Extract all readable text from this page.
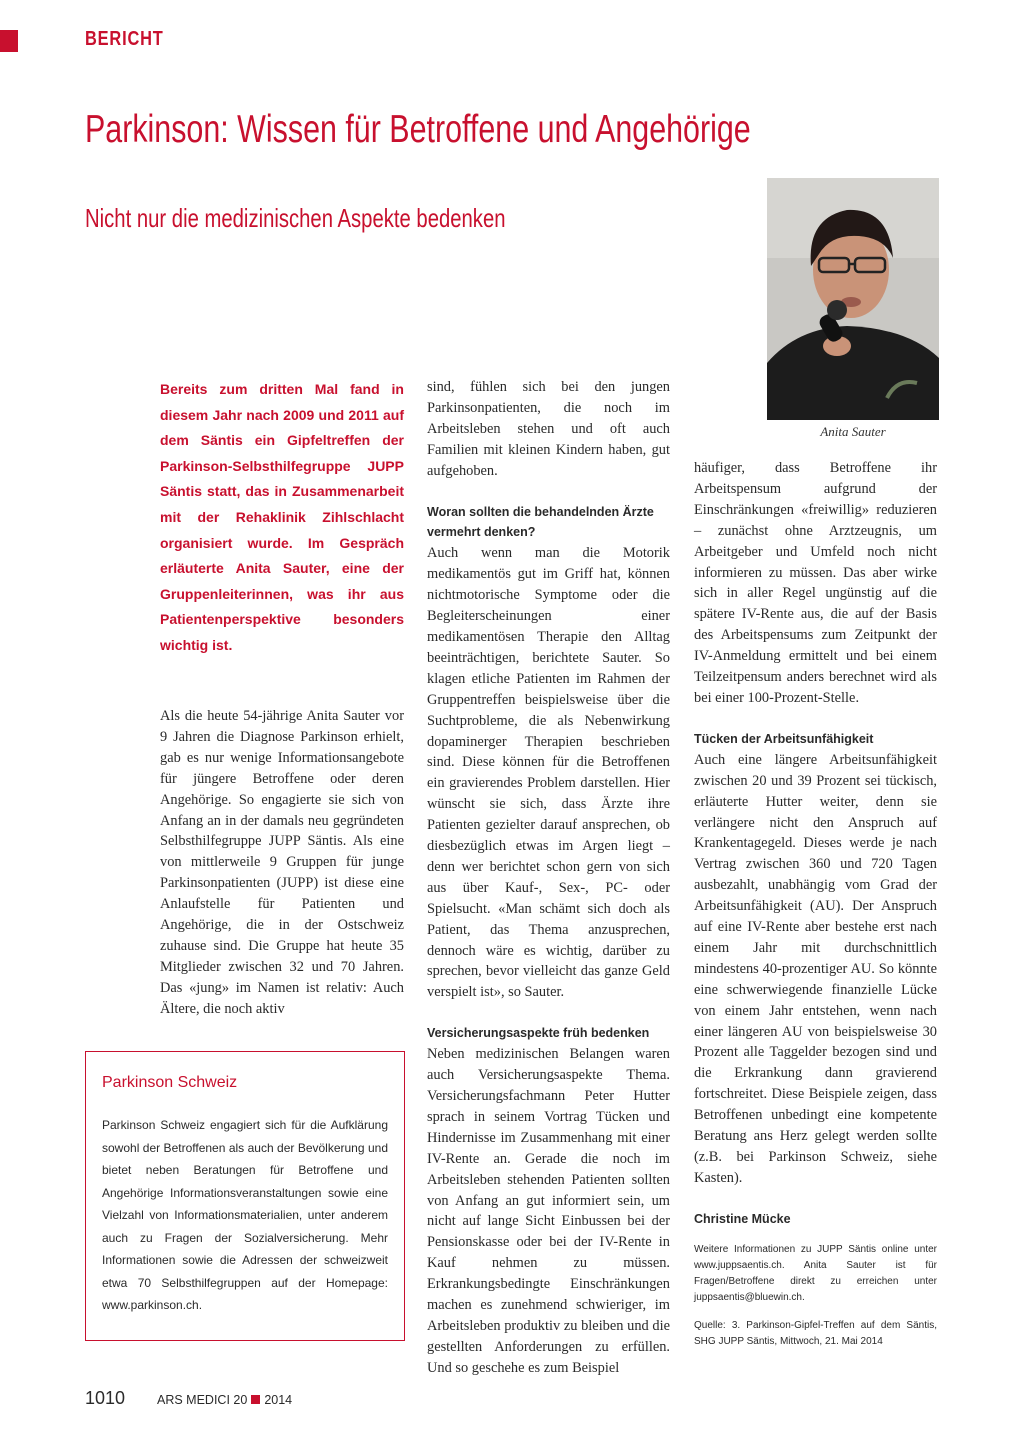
BERICHT
Parkinson: Wissen für Betroffene und Angehörige
Nicht nur die medizinischen Aspekte bedenken
Anita Sauter
Bereits zum dritten Mal fand in diesem Jahr nach 2009 und 2011 auf dem Säntis ein Gipfeltreffen der Parkinson-Selbsthilfegruppe JUPP Säntis statt, das in Zusammenarbeit mit der Rehaklinik Zihlschlacht organisiert wurde. Im Gespräch erläuterte Anita Sauter, eine der Gruppenleiterinnen, was ihr aus Patientenperspektive besonders wichtig ist.

Als die heute 54-jährige Anita Sauter vor 9 Jahren die Diagnose Parkinson erhielt, gab es nur wenige Informationsangebote für jüngere Betroffene oder deren Angehörige. So engagierte sie sich von Anfang an in der damals neu gegründeten Selbsthilfegruppe JUPP Säntis. Als eine von mittlerweile 9 Gruppen für junge Parkinsonpatienten (JUPP) ist diese eine Anlaufstelle für Patienten und Angehörige, die in der Ostschweiz zuhause sind. Die Gruppe hat heute 35 Mitglieder zwischen 32 und 70 Jahren. Das «jung» im Namen ist relativ: Auch Ältere, die noch aktiv

Parkinson Schweiz
Parkinson Schweiz engagiert sich für die Aufklärung sowohl der Betroffenen als auch der Bevölkerung und bietet neben Beratungen für Betroffene und Angehörige Informationsveranstaltungen sowie eine Vielzahl von Informationsmaterialien, unter anderem auch zu Fragen der Sozialversicherung. Mehr Informationen sowie die Adressen der schweizweit etwa 70 Selbsthilfegruppen auf der Homepage: www.parkinson.ch.

sind, fühlen sich bei den jungen Parkinsonpatienten, die noch im Arbeitsleben stehen und oft auch Familien mit kleinen Kindern haben, gut aufgehoben.

Woran sollten die behandelnden Ärzte vermehrt denken?

Auch wenn man die Motorik medikamentös gut im Griff hat, können nichtmotorische Symptome oder die Begleiterscheinungen einer medikamentösen Therapie den Alltag beeinträchtigen, berichtete Sauter. So klagen etliche Patienten im Rahmen der Gruppentreffen beispielsweise über die Suchtprobleme, die als Nebenwirkung dopaminerger Therapien beschrieben sind. Diese können für die Betroffenen ein gravierendes Problem darstellen. Hier wünscht sie sich, dass Ärzte ihre Patienten gezielter darauf ansprechen, ob diesbezüglich etwas im Argen liegt – denn wer berichtet schon gern von sich aus über Kauf-, Sex-, PC- oder Spielsucht. «Man schämt sich doch als Patient, das Thema anzusprechen, dennoch wäre es wichtig, darüber zu sprechen, bevor vielleicht das ganze Geld verspielt ist», so Sauter.

Versicherungsaspekte früh bedenken

Neben medizinischen Belangen waren auch Versicherungsaspekte Thema. Versicherungsfachmann Peter Hutter sprach in seinem Vortrag Tücken und Hindernisse im Zusammenhang mit einer IV-Rente an. Gerade die noch im Arbeitsleben stehenden Patienten sollten von Anfang an gut informiert sein, um nicht auf lange Sicht Einbussen bei der Pensionskasse oder bei der IV-Rente in Kauf nehmen zu müssen. Erkrankungsbedingte Einschränkungen machen es zunehmend schwieriger, im Arbeitsleben produktiv zu bleiben und die gestellten Anforderungen zu erfüllen. Und so geschehe es zum Beispiel

häufiger, dass Betroffene ihr Arbeitspensum aufgrund der Einschränkungen «freiwillig» reduzieren – zunächst ohne Arztzeugnis, um Arbeitgeber und Umfeld noch nicht informieren zu müssen. Das aber wirke sich in aller Regel ungünstig auf die spätere IV-Rente aus, die auf der Basis des Arbeitspensums zum Zeitpunkt der IV-Anmeldung ermittelt und bei einem Teilzeitpensum anders berechnet wird als bei einer 100-Prozent-Stelle.

Tücken der Arbeitsunfähigkeit

Auch eine längere Arbeitsunfähigkeit zwischen 20 und 39 Prozent sei tückisch, erläuterte Hutter weiter, denn sie verlängere nicht den Anspruch auf Krankentagegeld. Dieses werde je nach Vertrag zwischen 360 und 720 Tagen ausbezahlt, unabhängig vom Grad der Arbeitsunfähigkeit (AU). Der Anspruch auf eine IV-Rente aber bestehe erst nach einem Jahr mit durchschnittlich mindestens 40-prozentiger AU. So könnte eine schwerwiegende finanzielle Lücke von einem Jahr entstehen, wenn nach einer längeren AU von beispielsweise 30 Prozent alle Taggelder bezogen sind und die Erkrankung dann gravierend fortschreitet. Diese Beispiele zeigen, dass Betroffenen unbedingt eine kompetente Beratung ans Herz gelegt werden sollte (z.B. bei Parkinson Schweiz, siehe Kasten).

Christine Mücke
Weitere Informationen zu JUPP Säntis online unter www.juppsaentis.ch. Anita Sauter ist für Fragen/Betroffene direkt zu erreichen unter juppsaentis@bluewin.ch.
Quelle: 3. Parkinson-Gipfel-Treffen auf dem Säntis, SHG JUPP Säntis, Mittwoch, 21. Mai 2014
1010	ARS MEDICI 20 2014
